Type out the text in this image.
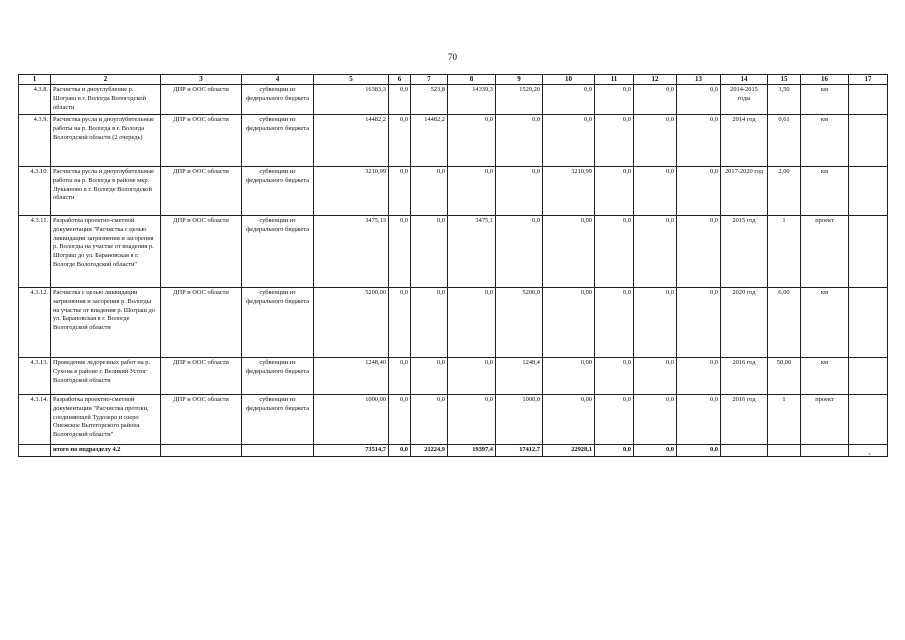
70
1	2	3	4	5	6	7	8	9	10	11	12	13	14	15	16	17
4.3.8.	Расчистка и дноуглубление р. Шограш в г. Вологда Вологодской области	ДПР и ООС области	субвенции из федерального бюджета	16383,3	0,0	523,8	14339,3	1520,20	0,0	0,0	0,0	0,0	2014-2015 годы	3,50	км	
4.3.9.	Расчистка русла и дноуглубительные работы на р. Вологда в г. Вологда Вологодской области (2 очередь)	ДПР и ООС области	субвенции из федерального бюджета	14482,2	0,0	14482,2	0,0	0,0	0,0	0,0	0,0	0,0	2014 год	0,61	км	
4.3.10.	Расчистка русла и дноуглубительные работы на р. Вологда в районе мкр. Лукьяново в г. Вологде Вологодской области	ДПР и ООС области	субвенции из федерального бюджета	3210,99	0,0	0,0	0,0	0,0	3210,99	0,0	0,0	0,0	2017-2020 год	2,00	км	
4.3.11.	Разработка проектно-сметной документации "Расчистка с целью ликвидации загрязнения и засорения р. Вологды на участке от впадения р. Шограш до ул. Барановская в г. Вологде Вологодской области"	ДПР и ООС области	субвенции из федерального бюджета	3475,13	0,0	0,0	3475,1	0,0	0,00	0,0	0,0	0,0	2015 год	1	проект	
4.3.12.	Расчистка с целью ликвидации загрязнения и засорения р. Вологды на участке от впадения р. Шограш до ул. Барановская в г. Вологде Вологодской области	ДПР и ООС области	субвенции из федерального бюджета	5200,00	0,0	0,0	0,0	5200,0	0,00	0,0	0,0	0,0	2020 год	6,00	км	
4.3.13.	Проведение ледорезных работ на р. Сухона в районе г. Великий Устюг Вологодской области	ДПР и ООС области	субвенции из федерального бюджета	1248,40	0,0	0,0	0,0	1248,4	0,00	0,0	0,0	0,0	2016 год	50,00	км	
4.3.14.	Разработка проектно-сметной документации "Расчистка протоки, соединяющей Тудозеро и озеро Онежское Вытегорского района Вологодской области"	ДПР и ООС области	субвенции из федерального бюджета	1000,00	0,0	0,0	0,0	1000,0	0,00	0,0	0,0	0,0	2016 год	1	проект	
	итого по подразделу 4.2			73514,7	0,0	21224,9	19397,4	17412,7	22928,1	0,0	0,0	0,0				
=
